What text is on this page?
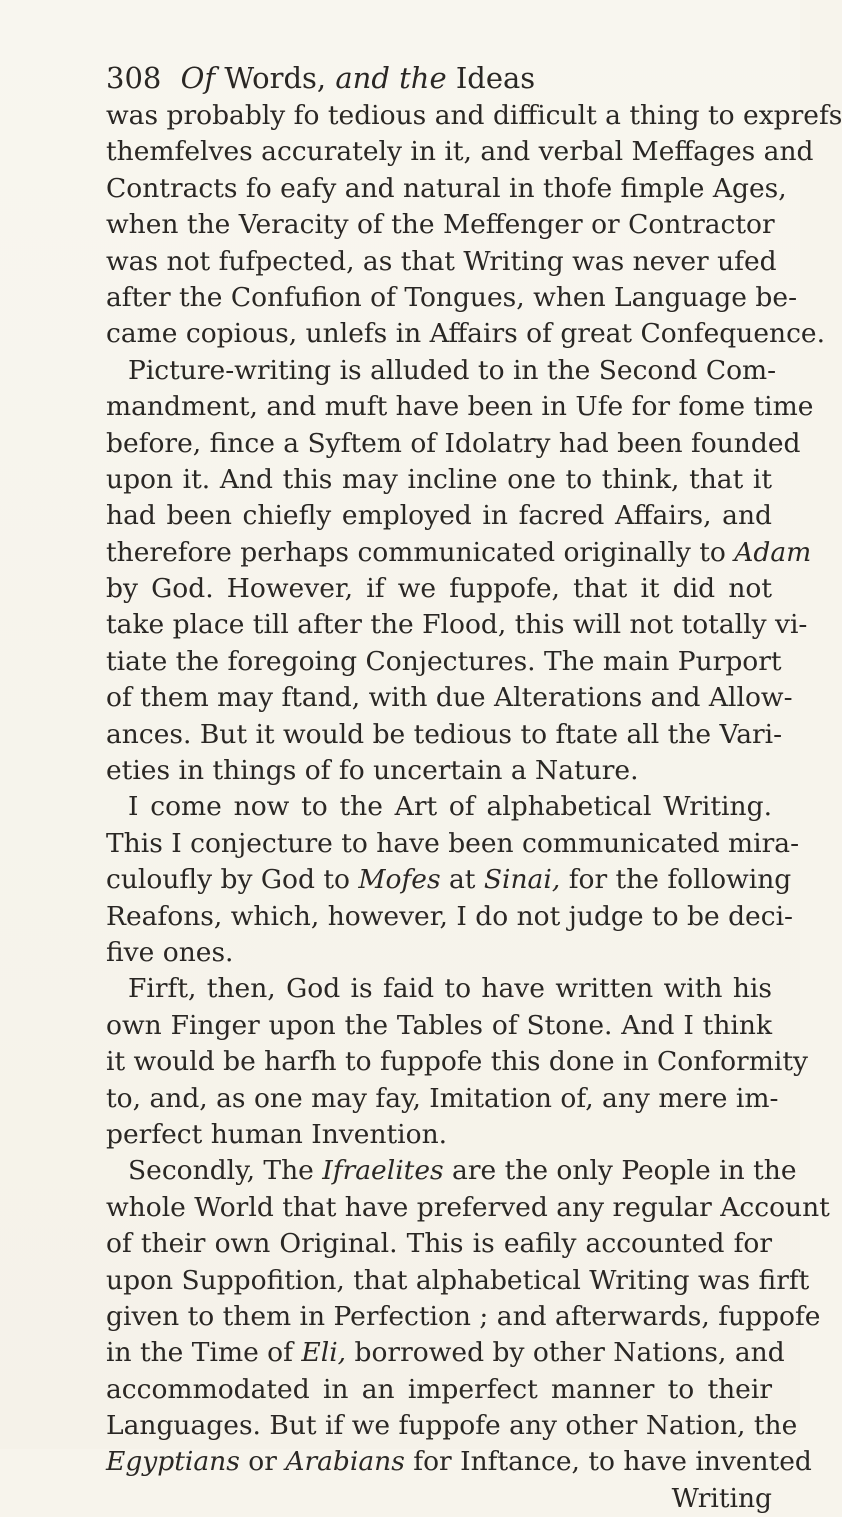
308 Of Words, and the Ideas
was probably fo tedious and difficult a thing to exprefs
themfelves accurately in it, and verbal Meffages and
Contracts fo eafy and natural in thofe fimple Ages,
when the Veracity of the Meffenger or Contractor
was not fufpected, as that Writing was never ufed
after the Confufion of Tongues, when Language be-
came copious, unlefs in Affairs of great Confequence.
Picture-writing is alluded to in the Second Com-
mandment, and muft have been in Ufe for fome time
before, fince a Syftem of Idolatry had been founded
upon it. And this may incline one to think, that it
had been chiefly employed in facred Affairs, and
therefore perhaps communicated originally to Adam
by God. However, if we fuppofe, that it did not
take place till after the Flood, this will not totally vi-
tiate the foregoing Conjectures. The main Purport
of them may ftand, with due Alterations and Allow-
ances. But it would be tedious to ftate all the Vari-
eties in things of fo uncertain a Nature.
I come now to the Art of alphabetical Writing.
This I conjecture to have been communicated mira-
culoufly by God to Mofes at Sinai, for the following
Reafons, which, however, I do not judge to be deci-
five ones.
Firft, then, God is faid to have written with his
own Finger upon the Tables of Stone. And I think
it would be harfh to fuppofe this done in Conformity
to, and, as one may fay, Imitation of, any mere im-
perfect human Invention.
Secondly, The Ifraelites are the only People in the
whole World that have preferved any regular Account
of their own Original. This is eafily accounted for
upon Suppofition, that alphabetical Writing was firft
given to them in Perfection ; and afterwards, fuppofe
in the Time of Eli, borrowed by other Nations, and
accommodated in an imperfect manner to their
Languages. But if we fuppofe any other Nation, the
Egyptians or Arabians for Inftance, to have invented
Writing
